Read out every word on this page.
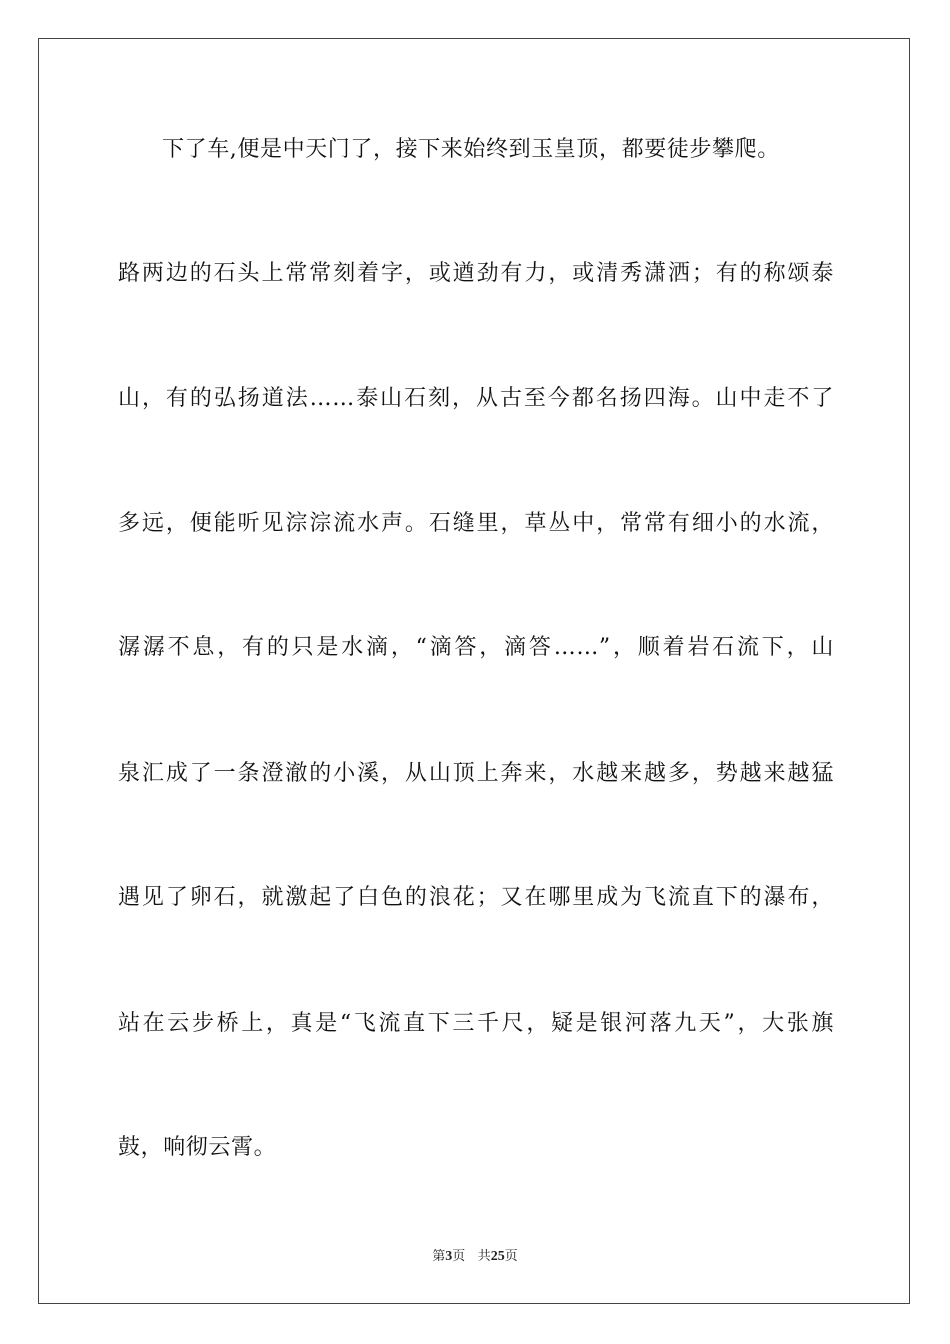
下了车,便是中天门了，接下来始终到玉皇顶，都要徒步攀爬。
路两边的石头上常常刻着字，或遒劲有力，或清秀潇洒；有的称颂泰
山，有的弘扬道法……泰山石刻，从古至今都名扬四海。山中走不了
多远，便能听见淙淙流水声。石缝里，草丛中，常常有细小的水流，
潺潺不息，有的只是水滴，“滴答，滴答……”，顺着岩石流下，山
泉汇成了一条澄澈的小溪，从山顶上奔来，水越来越多，势越来越猛
遇见了卵石，就激起了白色的浪花；又在哪里成为飞流直下的瀑布，
站在云步桥上，真是“飞流直下三千尺，疑是银河落九天”，大张旗
鼓，响彻云霄。
第3页 共25页
